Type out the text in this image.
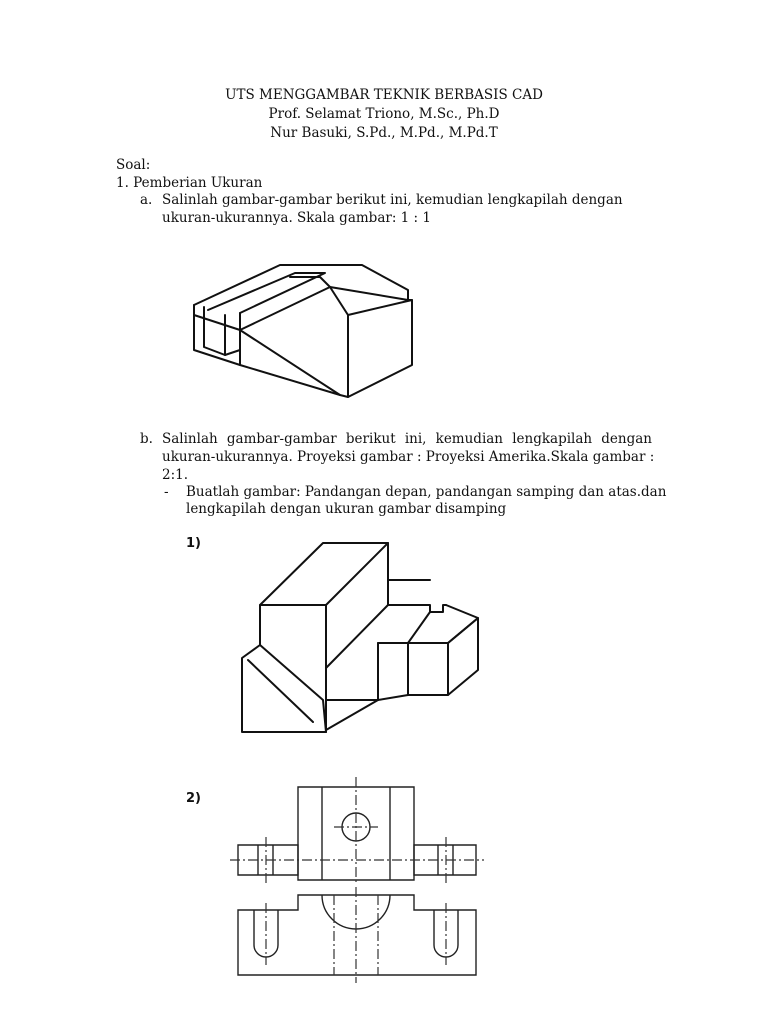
UTS MENGGAMBAR TEKNIK BERBASIS CAD
Prof. Selamat Triono, M.Sc., Ph.D
Nur Basuki, S.Pd., M.Pd., M.Pd.T
Soal:
1. Pemberian Ukuran
a. Salinlah gambar-gambar berikut ini, kemudian lengkapilah dengan
ukuran-ukurannya. Skala gambar: 1 : 1
b. Salinlah gambar-gambar berikut ini, kemudian lengkapilah dengan
ukuran-ukurannya. Proyeksi gambar : Proyeksi Amerika.Skala gambar :
2:1.
- Buatlah gambar: Pandangan depan, pandangan samping dan atas.dan
lengkapilah dengan ukuran gambar disamping
1)
2)
